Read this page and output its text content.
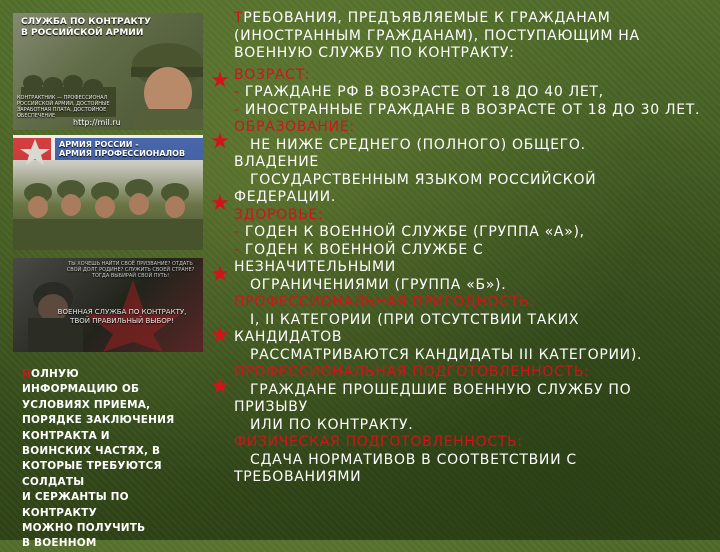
СЛУЖБА ПО КОНТРАКТУ
В РОССИЙСКОЙ АРМИИ
КОНТРАКТНИК — ПРОФЕССИОНАЛ РОССИЙСКОЙ АРМИИ, ДОСТОЙНЫЕ ЗАРАБОТНАЯ ПЛАТА, ДОСТОЙНОЕ ОБЕСПЕЧЕНИЕ
http://mil.ru
АРМИЯ РОССИИ -
АРМИЯ ПРОФЕССИОНАЛОВ
ТЫ ХОЧЕШЬ НАЙТИ СВОЁ ПРИЗВАНИЕ? ОТДАТЬ СВОЙ ДОЛГ РОДИНЕ? СЛУЖИТЬ СВОЕЙ СТРАНЕ? ТОГДА ВЫБИРАЙ СВОЙ ПУТЬ!
ВОЕННАЯ СЛУЖБА ПО КОНТРАКТУ,
ТВОЙ ПРАВИЛЬНЫЙ ВЫБОР!
ПОЛНУЮ
ИНФОРМАЦИЮ ОБ
УСЛОВИЯХ ПРИЕМА,
ПОРЯДКЕ ЗАКЛЮЧЕНИЯ
КОНТРАКТА И
ВОИНСКИХ ЧАСТЯХ, В
КОТОРЫЕ ТРЕБУЮТСЯ
СОЛДАТЫ
И СЕРЖАНТЫ ПО
КОНТРАКТУ
МОЖНО ПОЛУЧИТЬ
В ВОЕННОМ
★
★
★
★
★
★
ТРЕБОВАНИЯ, ПРЕДЪЯВЛЯЕМЫЕ К ГРАЖДАНАМ (ИНОСТРАННЫМ ГРАЖДАНАМ), ПОСТУПАЮЩИМ НА ВОЕННУЮ СЛУЖБУ ПО КОНТРАКТУ:
ВОЗРАСТ:
- ГРАЖДАНЕ РФ В ВОЗРАСТЕ ОТ 18 ДО 40 ЛЕТ,
- ИНОСТРАННЫЕ ГРАЖДАНЕ В ВОЗРАСТЕ ОТ 18 ДО 30 ЛЕТ.
ОБРАЗОВАНИЕ:
НЕ НИЖЕ СРЕДНЕГО (ПОЛНОГО) ОБЩЕГО.
ВЛАДЕНИЕ
ГОСУДАРСТВЕННЫМ ЯЗЫКОМ РОССИЙСКОЙ
ФЕДЕРАЦИИ.
ЗДОРОВЬЕ:
- ГОДЕН К ВОЕННОЙ СЛУЖБЕ (ГРУППА «А»),
- ГОДЕН К ВОЕННОЙ СЛУЖБЕ С
НЕЗНАЧИТЕЛЬНЫМИ
ОГРАНИЧЕНИЯМИ (ГРУППА «Б»).
ПРОФЕССИОНАЛЬНАЯ ПРИГОДНОСТЬ:
I, II КАТЕГОРИИ (ПРИ ОТСУТСТВИИ ТАКИХ
КАНДИДАТОВ
РАССМАТРИВАЮТСЯ КАНДИДАТЫ III КАТЕГОРИИ).
ПРОФЕССИОНАЛЬНАЯ ПОДГОТОВЛЕННОСТЬ:
ГРАЖДАНЕ ПРОШЕДШИЕ ВОЕННУЮ СЛУЖБУ ПО
ПРИЗЫВУ
ИЛИ ПО КОНТРАКТУ.
ФИЗИЧЕСКАЯ ПОДГОТОВЛЕННОСТЬ:
СДАЧА НОРМАТИВОВ В СООТВЕТСТВИИ С
ТРЕБОВАНИЯМИ
